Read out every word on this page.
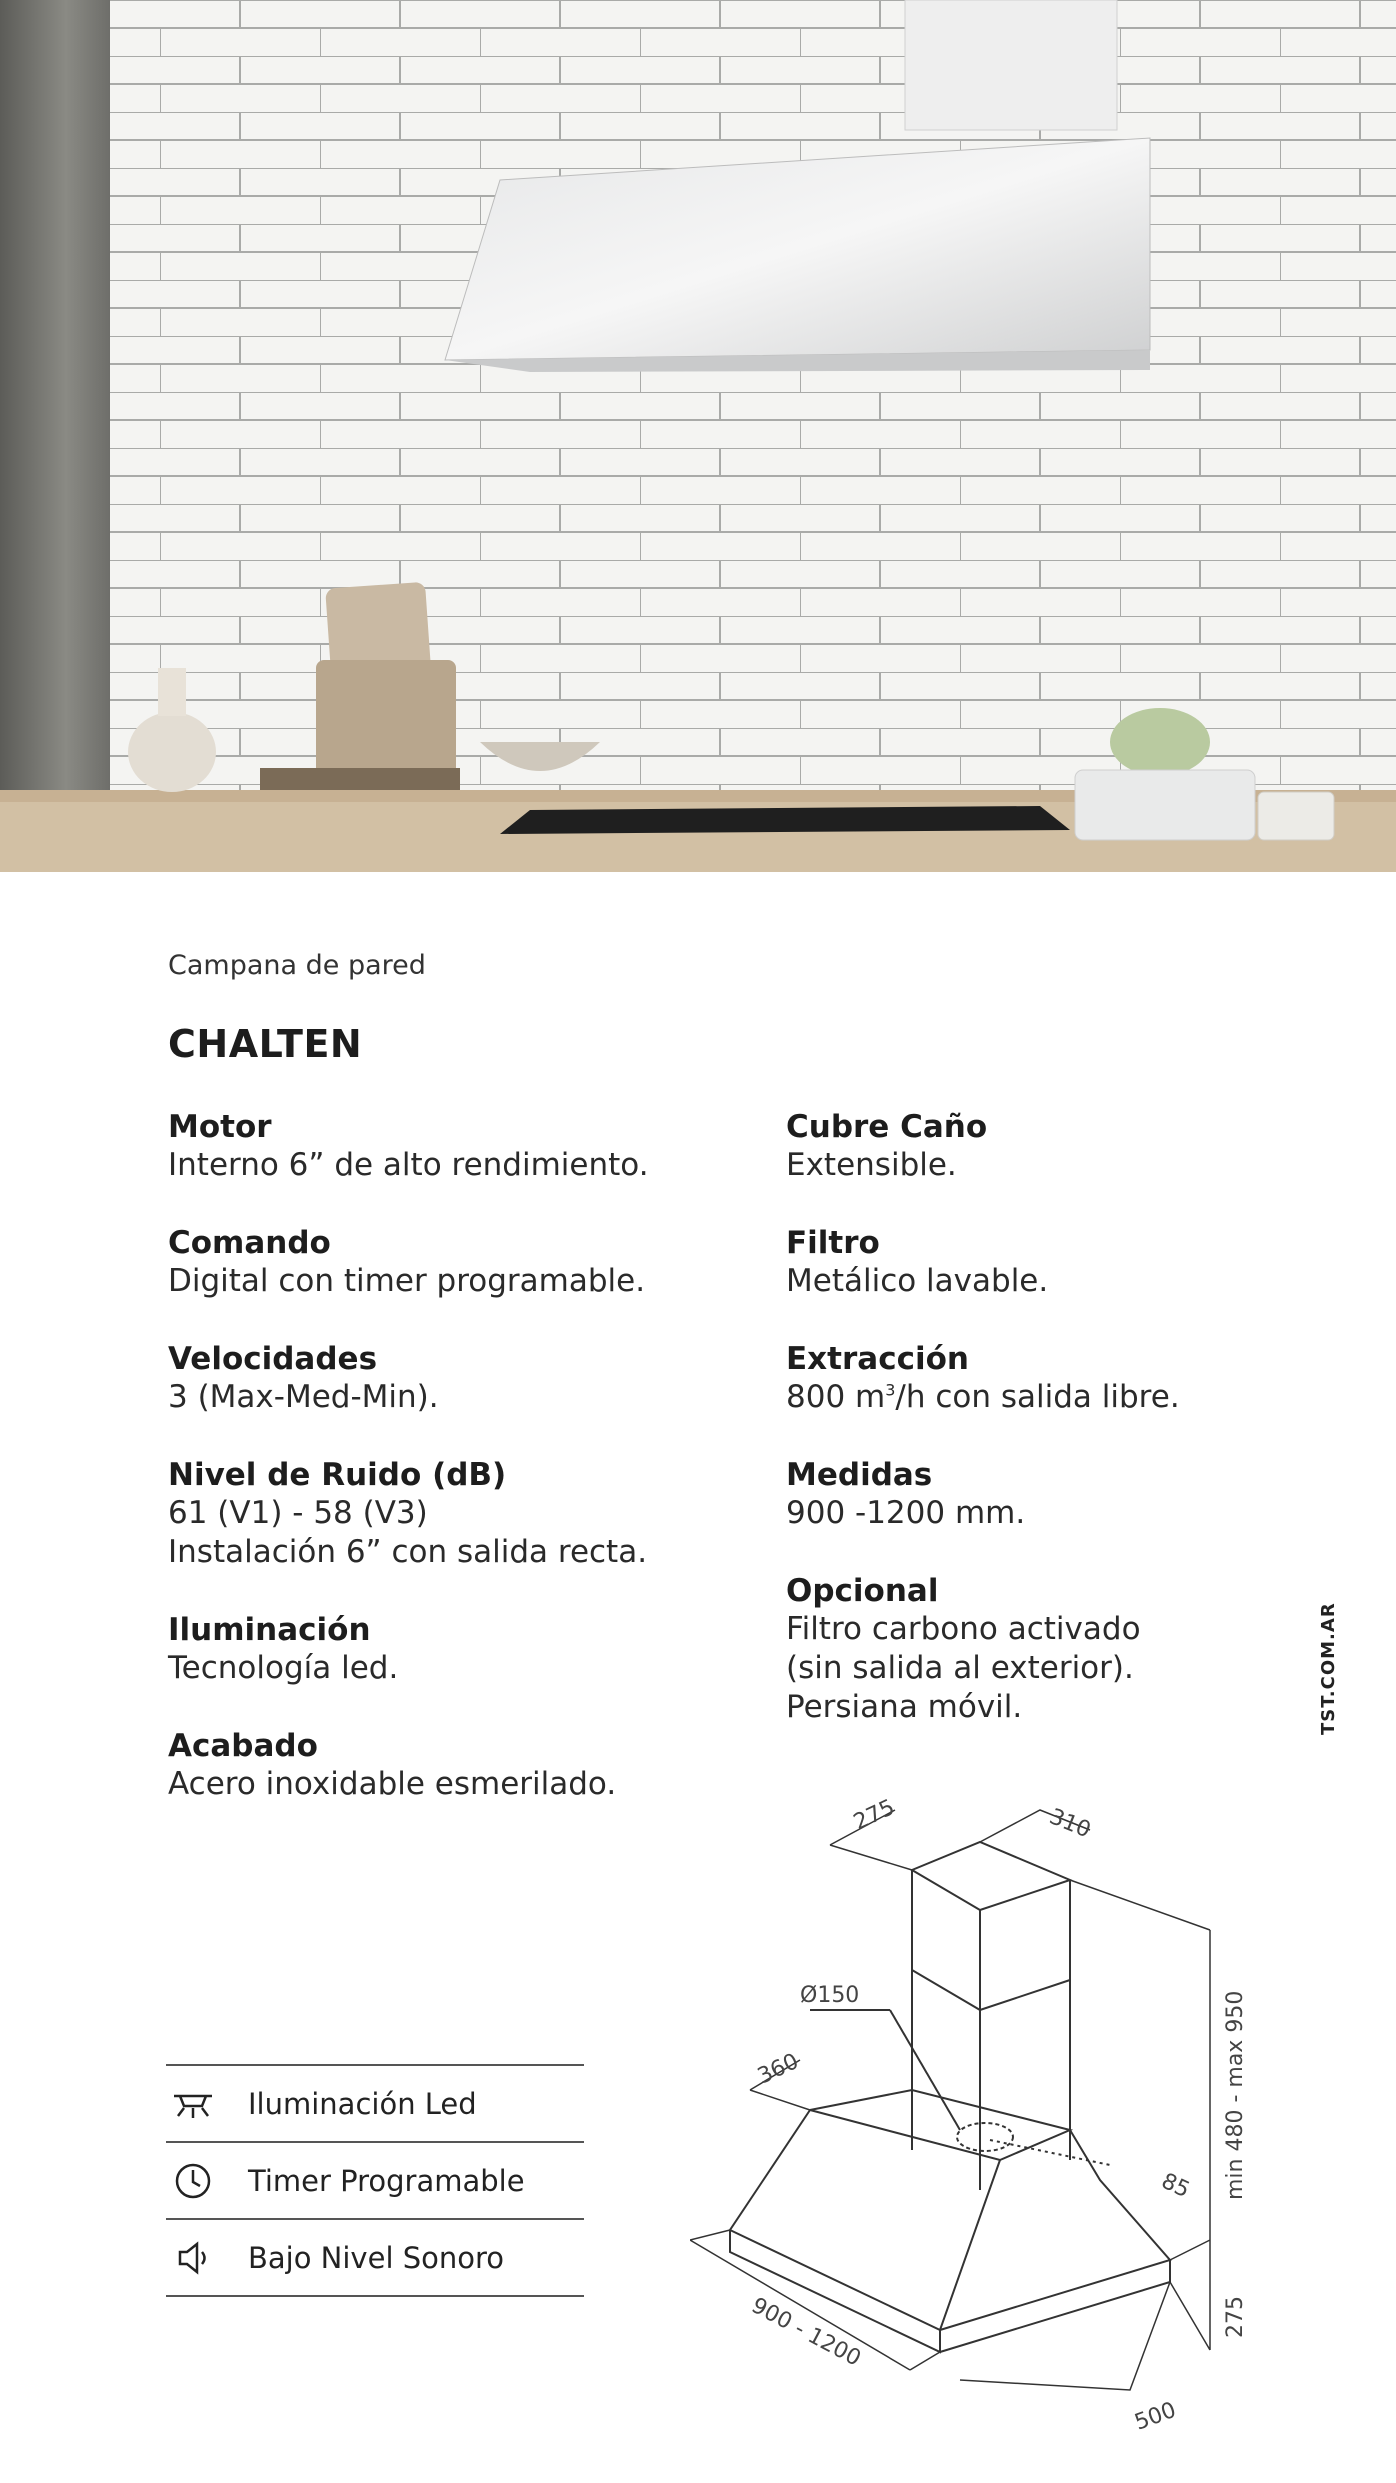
Campana de pared
CHALTEN
Motor
Interno 6” de alto rendimiento.
Comando
Digital con timer programable.
Velocidades
3 (Max-Med-Min).
Nivel de Ruido (dB)
61 (V1) - 58 (V3)
Instalación 6” con salida recta.
Iluminación
Tecnología led.
Acabado
Acero inoxidable esmerilado.
Cubre Caño
Extensible.
Filtro
Metálico lavable.
Extracción
800 $m^3/h$ con salida libre.
Medidas
900 -1200 mm.
Opcional
Filtro carbono activado
(sin salida al exterior).
Persiana móvil.	TST.COM.AR
Iluminación Led
Timer Programable
Bajo Nivel Sonoro
275	310
Ø150
360
85 min 480 - max 950
275
900 - 1200
500
